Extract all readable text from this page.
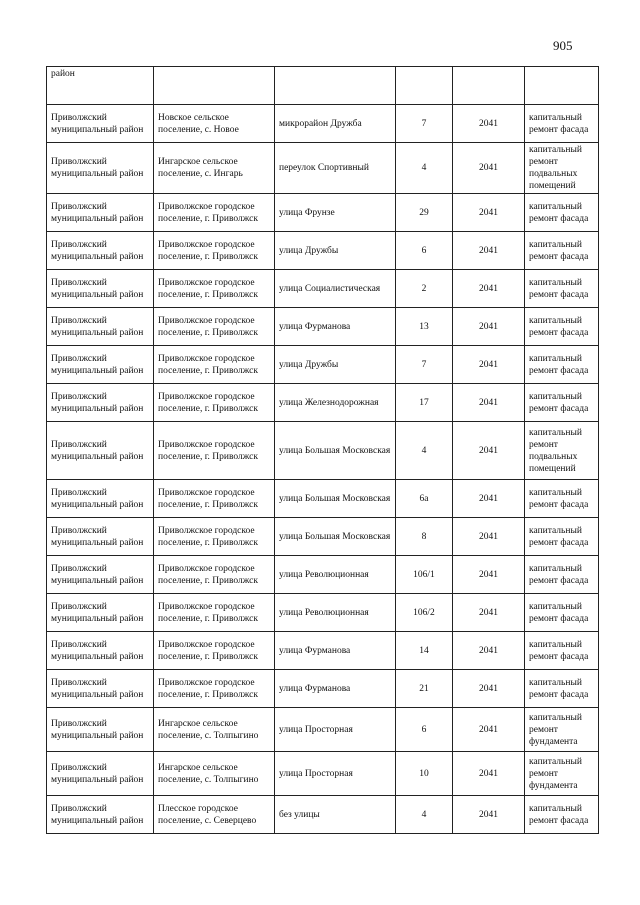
905
район					
Приволжский муниципальный район	Новское сельское поселение, с. Новое	микрорайон Дружба	7	2041	капитальный ремонт фасада
Приволжский муниципальный район	Ингарское сельское поселение, с. Ингарь	переулок Спортивный	4	2041	капитальный ремонт подвальных помещений
Приволжский муниципальный район	Приволжское городское поселение, г. Приволжск	улица Фрунзе	29	2041	капитальный ремонт фасада
Приволжский муниципальный район	Приволжское городское поселение, г. Приволжск	улица Дружбы	6	2041	капитальный ремонт фасада
Приволжский муниципальный район	Приволжское городское поселение, г. Приволжск	улица Социалистическая	2	2041	капитальный ремонт фасада
Приволжский муниципальный район	Приволжское городское поселение, г. Приволжск	улица Фурманова	13	2041	капитальный ремонт фасада
Приволжский муниципальный район	Приволжское городское поселение, г. Приволжск	улица Дружбы	7	2041	капитальный ремонт фасада
Приволжский муниципальный район	Приволжское городское поселение, г. Приволжск	улица Железнодорожная	17	2041	капитальный ремонт фасада
Приволжский муниципальный район	Приволжское городское поселение, г. Приволжск	улица Большая Московская	4	2041	капитальный ремонт подвальных помещений
Приволжский муниципальный район	Приволжское городское поселение, г. Приволжск	улица Большая Московская	6а	2041	капитальный ремонт фасада
Приволжский муниципальный район	Приволжское городское поселение, г. Приволжск	улица Большая Московская	8	2041	капитальный ремонт фасада
Приволжский муниципальный район	Приволжское городское поселение, г. Приволжск	улица Революционная	106/1	2041	капитальный ремонт фасада
Приволжский муниципальный район	Приволжское городское поселение, г. Приволжск	улица Революционная	106/2	2041	капитальный ремонт фасада
Приволжский муниципальный район	Приволжское городское поселение, г. Приволжск	улица Фурманова	14	2041	капитальный ремонт фасада
Приволжский муниципальный район	Приволжское городское поселение, г. Приволжск	улица Фурманова	21	2041	капитальный ремонт фасада
Приволжский муниципальный район	Ингарское сельское поселение, с. Толпыгино	улица Просторная	6	2041	капитальный ремонт фундамента
Приволжский муниципальный район	Ингарское сельское поселение, с. Толпыгино	улица Просторная	10	2041	капитальный ремонт фундамента
Приволжский муниципальный район	Плесское городское поселение, с. Северцево	без улицы	4	2041	капитальный ремонт фасада
